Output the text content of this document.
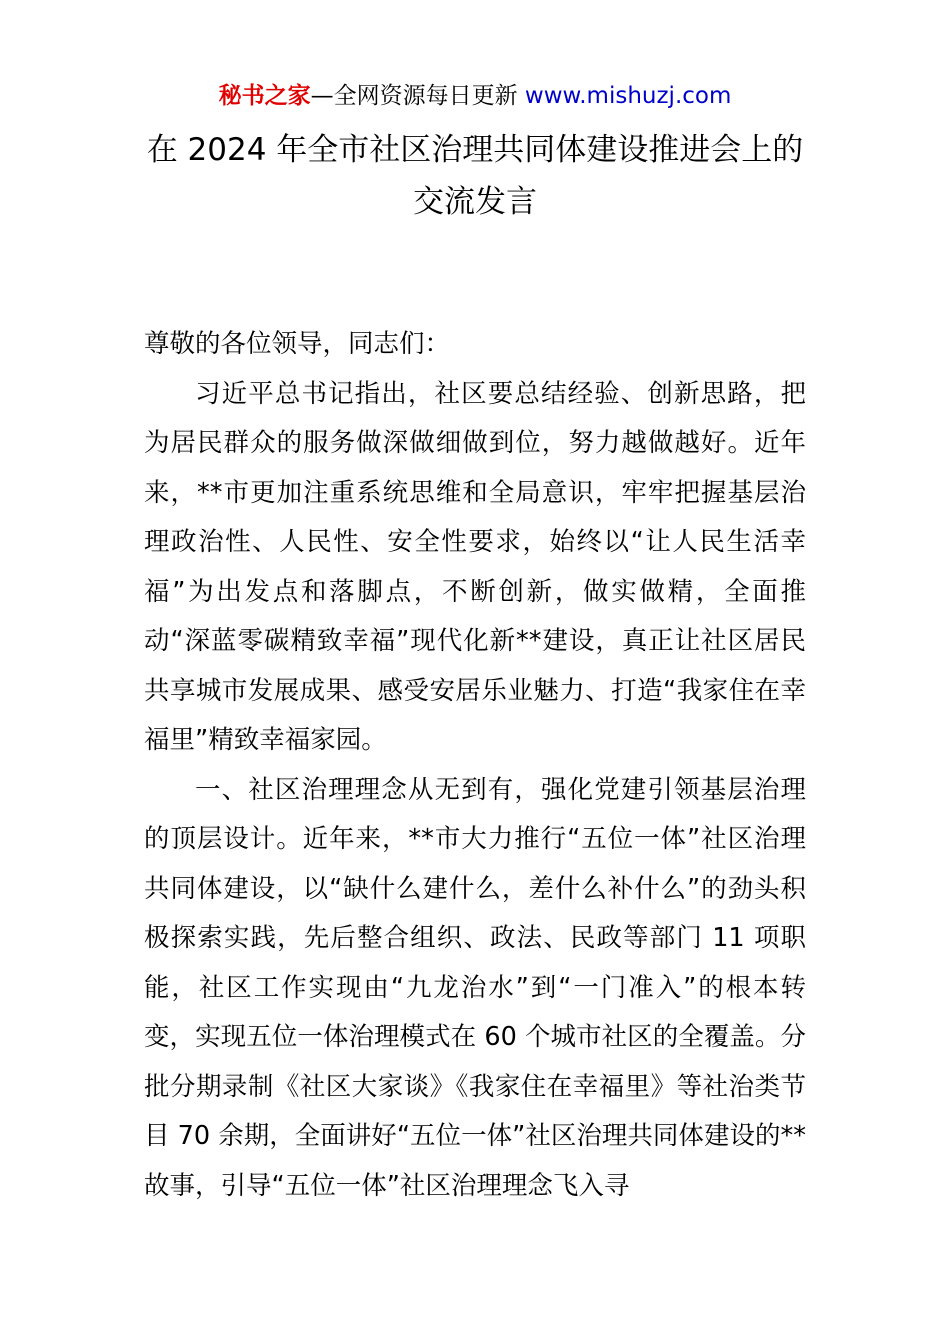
秘书之家—全网资源每日更新 www.mishuzj.com
在 2024 年全市社区治理共同体建设推进会上的
交流发言

尊敬的各位领导，同志们：

习近平总书记指出，社区要总结经验、创新思路，把为居民群众的服务做深做细做到位，努力越做越好。近年来，**市更加注重系统思维和全局意识，牢牢把握基层治理政治性、人民性、安全性要求，始终以“让人民生活幸福”为出发点和落脚点，不断创新，做实做精，全面推动“深蓝零碳精致幸福”现代化新**建设，真正让社区居民共享城市发展成果、感受安居乐业魅力、打造“我家住在幸福里”精致幸福家园。

一、社区治理理念从无到有，强化党建引领基层治理的顶层设计。近年来，**市大力推行“五位一体”社区治理共同体建设，以“缺什么建什么，差什么补什么”的劲头积极探索实践，先后整合组织、政法、民政等部门 11 项职能，社区工作实现由“九龙治水”到“一门准入”的根本转变，实现五位一体治理模式在 60 个城市社区的全覆盖。分批分期录制《社区大家谈》《我家住在幸福里》等社治类节目 70 余期，全面讲好“五位一体”社区治理共同体建设的**故事，引导“五位一体”社区治理理念飞入寻
